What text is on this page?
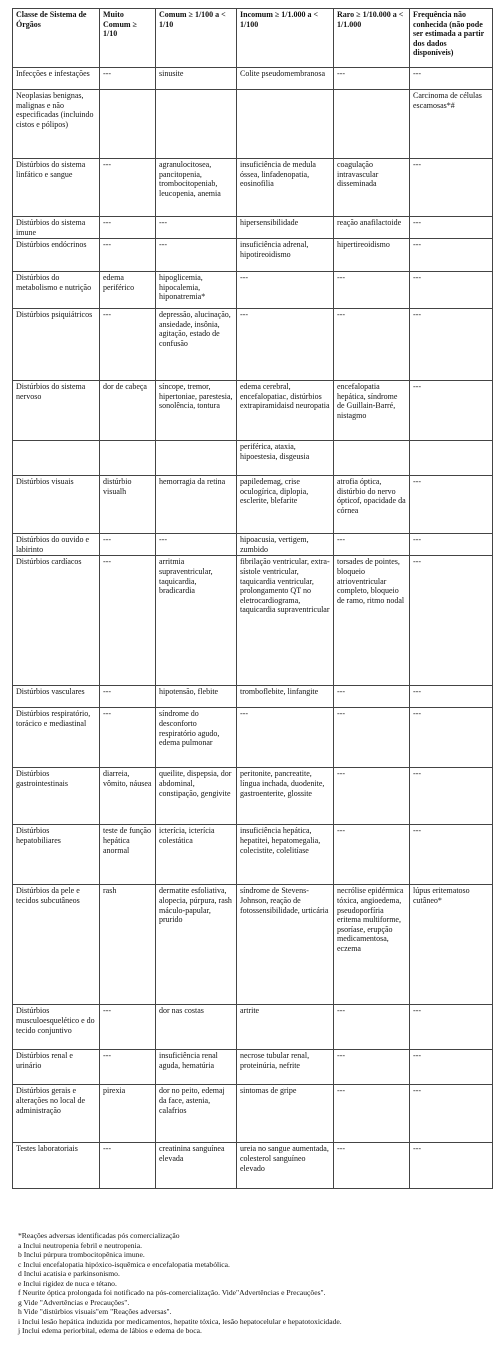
Classe de Sistema de Órgãos	Muito Comum ≥ 1/10	Comum ≥ 1/100 a < 1/10	Incomum ≥ 1/1.000 a < 1/100	Raro ≥ 1/10.000 a < 1/1.000	Frequência não conhecida (não pode ser estimada a partir dos dados disponíveis)
Infecções e infestações	---	sinusite	Colite pseudomembranosa	---	---
Neoplasias benignas, malignas e não especificadas (incluindo cistos e pólipos)					Carcinoma de células escamosas*#
Distúrbios do sistema linfático e sangue	---	agranulocitosea, pancitopenia, trombocitopeniab, leucopenia, anemia	insuficiência de medula óssea, linfadenopatia, eosinofilia	coagulação intravascular disseminada	---
Distúrbios do sistema imune	---	---	hipersensibilidade	reação anafilactoide	---
Distúrbios endócrinos	---	---	insuficiência adrenal, hipotireoidismo	hipertireoidismo	---
Distúrbios do metabolismo e nutrição	edema periférico	hipoglicemia, hipocalemia, hiponatremia*	---	---	---
Distúrbios psiquiátricos	---	depressão, alucinação, ansiedade, insônia, agitação, estado de confusão	---	---	---
Distúrbios do sistema nervoso	dor de cabeça	síncope, tremor, hipertoniae, parestesia, sonolência, tontura	edema cerebral, encefalopatiac, distúrbios extrapiramidaisd neuropatia	encefalopatia hepática, síndrome de Guillain-Barré, nistagmo	---
			periférica, ataxia, hipoestesia, disgeusia		
Distúrbios visuais	distúrbio visualh	hemorragia da retina	papiledemag, crise oculogírica, diplopia, esclerite, blefarite	atrofia óptica, distúrbio do nervo ópticof, opacidade da córnea	---
Distúrbios do ouvido e labirinto	---	---	hipoacusia, vertigem, zumbido	---	---
Distúrbios cardíacos	---	arritmia supraventricular, taquicardia, bradicardia	fibrilação ventricular, extra-sístole ventricular, taquicardia ventricular, prolongamento QT no eletrocardiograma, taquicardia supraventricular	torsades de pointes, bloqueio atrioventricular completo, bloqueio de ramo, ritmo nodal	---
Distúrbios vasculares	---	hipotensão, flebite	tromboflebite, linfangite	---	---
Distúrbios respiratório, torácico e mediastinal	---	síndrome do desconforto respiratório agudo, edema pulmonar	---	---	---
Distúrbios gastrointestinais	diarreia, vômito, náusea	queilite, dispepsia, dor abdominal, constipação, gengivite	peritonite, pancreatite, língua inchada, duodenite, gastroenterite, glossite	---	---
Distúrbios hepatobiliares	teste de função hepática anormal	icterícia, icterícia colestática	insuficiência hepática, hepatitei, hepatomegalia, colecistite, colelitíase	---	---
Distúrbios da pele e tecidos subcutâneos	rash	dermatite esfoliativa, alopecia, púrpura, rash máculo-papular, prurido	síndrome de Stevens-Johnson, reação de fotossensibilidade, urticária	necrólise epidérmica tóxica, angioedema, pseudoporfíria eritema multiforme, psoríase, erupção medicamentosa, eczema	lúpus eritematoso cutâneo*
Distúrbios musculoesquelético e do tecido conjuntivo	---	dor nas costas	artrite	---	---
Distúrbios renal e urinário	---	insuficiência renal aguda, hematúria	necrose tubular renal, proteinúria, nefrite	---	---
Distúrbios gerais e alterações no local de administração	pirexia	dor no peito, edemaj da face, astenia, calafrios	sintomas de gripe	---	---
Testes laboratoriais	---	creatinina sanguínea elevada	ureia no sangue aumentada, colesterol sanguíneo elevado	---	---
*Reações adversas identificadas pós comercialização
a Inclui neutropenia febril e neutropenia.
b Inclui púrpura trombocitopênica imune.
c Inclui encefalopatia hipóxico-isquêmica e encefalopatia metabólica.
d Inclui acatisia e parkinsonismo.
e Inclui rigidez de nuca e tétano.
f Neurite óptica prolongada foi notificado na pós-comercialização. Vide"Advertências e Precauções".
g Vide "Advertências e Precauções".
h Vide "distúrbios visuais"em "Reações adversas".
i Inclui lesão hepática induzida por medicamentos, hepatite tóxica, lesão hepatocelular e hepatotoxicidade.
j Inclui edema periorbital, edema de lábios e edema de boca.
